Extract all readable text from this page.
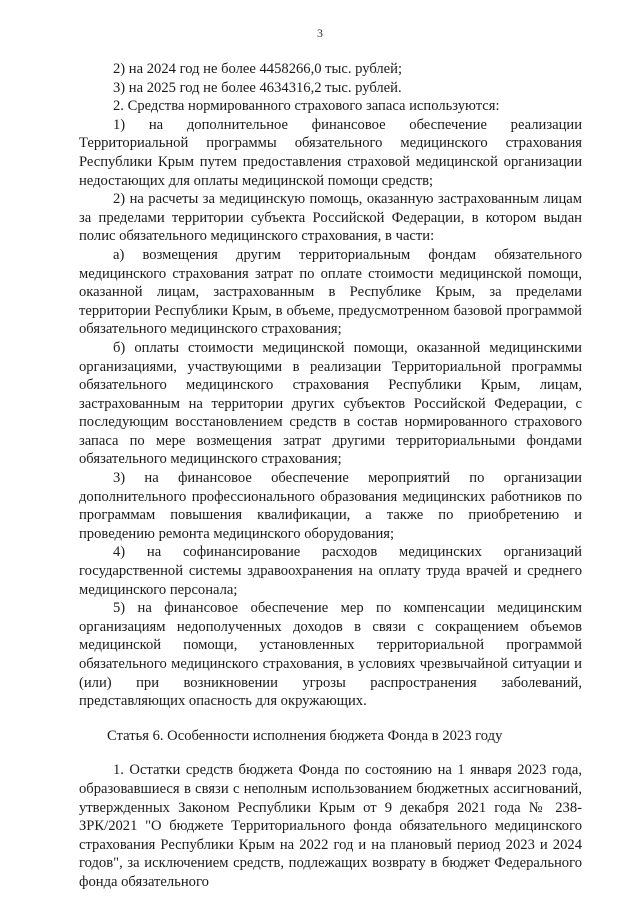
3

2) на 2024 год не более 4458266,0 тыс. рублей;

3) на 2025 год не более 4634316,2 тыс. рублей.

2. Средства нормированного страхового запаса используются:

1) на дополнительное финансовое обеспечение реализации Территориальной программы обязательного медицинского страхования Республики Крым путем предоставления страховой медицинской организации недостающих для оплаты медицинской помощи средств;

2) на расчеты за медицинскую помощь, оказанную застрахованным лицам за пределами территории субъекта Российской Федерации, в котором выдан полис обязательного медицинского страхования, в части:

а) возмещения другим территориальным фондам обязательного медицинского страхования затрат по оплате стоимости медицинской помощи, оказанной лицам, застрахованным в Республике Крым, за пределами территории Республики Крым, в объеме, предусмотренном базовой программой обязательного медицинского страхования;

б) оплаты стоимости медицинской помощи, оказанной медицинскими организациями, участвующими в реализации Территориальной программы обязательного медицинского страхования Республики Крым, лицам, застрахованным на территории других субъектов Российской Федерации, с последующим восстановлением средств в состав нормированного страхового запаса по мере возмещения затрат другими территориальными фондами обязательного медицинского страхования;

3) на финансовое обеспечение мероприятий по организации дополнительного профессионального образования медицинских работников по программам повышения квалификации, а также по приобретению и проведению ремонта медицинского оборудования;

4) на софинансирование расходов медицинских организаций государственной системы здравоохранения на оплату труда врачей и среднего медицинского персонала;

5) на финансовое обеспечение мер по компенсации медицинским организациям недополученных доходов в связи с сокращением объемов медицинской помощи, установленных территориальной программой обязательного медицинского страхования, в условиях чрезвычайной ситуации и (или) при возникновении угрозы распространения заболеваний, представляющих опасность для окружающих.

Статья 6. Особенности исполнения бюджета Фонда в 2023 году

1. Остатки средств бюджета Фонда по состоянию на 1 января 2023 года, образовавшиеся в связи с неполным использованием бюджетных ассигнований, утвержденных Законом Республики Крым от 9 декабря 2021 года № 238-ЗРК/2021 "О бюджете Территориального фонда обязательного медицинского страхования Республики Крым на 2022 год и на плановый период 2023 и 2024 годов", за исключением средств, подлежащих возврату в бюджет Федерального фонда обязательного
